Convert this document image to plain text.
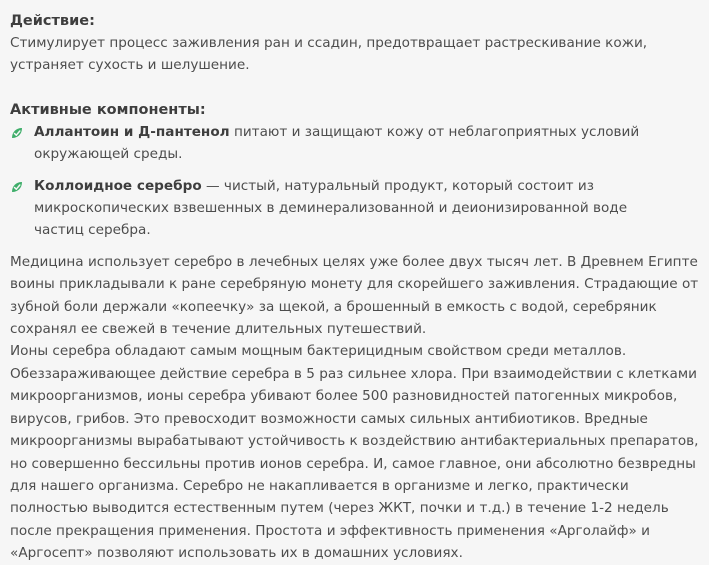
Действие:

Стимулирует процесс заживления ран и ссадин, предотвращает растрескивание кожи, устраняет сухость и шелушение.

Активные компоненты:
Аллантоин и Д-пантенол питают и защищают кожу от неблагоприятных условий окружающей среды.
Коллоидное серебро — чистый, натуральный продукт, который состоит из микроскопических взвешенных в деминерализованной и деионизированной воде частиц серебра.

Медицина использует серебро в лечебных целях уже более двух тысяч лет. В Древнем Египте воины прикладывали к ране серебряную монету для скорейшего заживления. Страдающие от зубной боли держали «копеечку» за щекой, а брошенный в емкость с водой, серебряник сохранял ее свежей в течение длительных путешествий.

Ионы серебра обладают самым мощным бактерицидным свойством среди металлов. Обеззараживающее действие серебра в 5 раз сильнее хлора. При взаимодействии с клетками микроорганизмов, ионы серебра убивают более 500 разновидностей патогенных микробов, вирусов, грибов. Это превосходит возможности самых сильных антибиотиков. Вредные микроорганизмы вырабатывают устойчивость к воздействию антибактериальных препаратов, но совершенно бессильны против ионов серебра. И, самое главное, они абсолютно безвредны для нашего организма. Серебро не накапливается в организме и легко, практически полностью выводится естественным путем (через ЖКТ, почки и т.д.) в течение 1-2 недель после прекращения применения. Простота и эффективность применения «Арголайф» и «Аргосепт» позволяют использовать их в домашних условиях.
